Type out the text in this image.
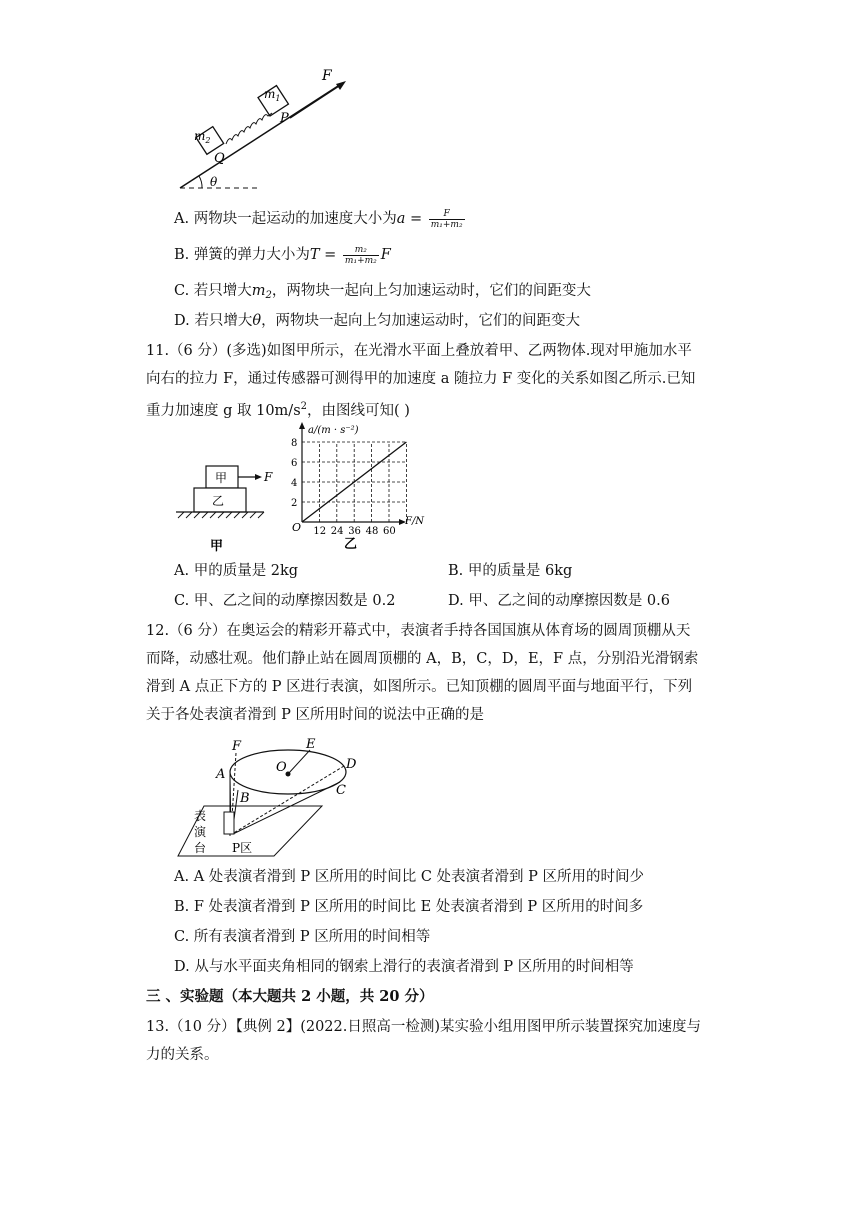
F
$m_1$
$m_2$
P
Q
θ
A. 两物块一起运动的加速度大小为$a = \frac{F}{\text{m₁+m₂}}$
B. 弹簧的弹力大小为$T = \frac{\text{m₂}}{\text{m₁+m₂}}$ F
C. 若只增大$m_2$，两物块一起向上匀加速运动时，它们的间距变大
D. 若只增大θ，两物块一起向上匀加速运动时，它们的间距变大
11.（6 分）(多选)如图甲所示，在光滑水平面上叠放着甲、乙两物体.现对甲施加水平
向右的拉力 F，通过传感器可测得甲的加速度 a 随拉力 F 变化的关系如图乙所示.已知
重力加速度 g 取 $10m/s^2$，由图线可知( )
甲
乙
F
甲
a/(m · s⁻²)
F/N
O
2
4
6
8
12 24 36 48 60
乙
A. 甲的质量是 2kg	B. 甲的质量是 6kg
C. 甲、乙之间的动摩擦因数是 0.2	D. 甲、乙之间的动摩擦因数是 0.6
12.（6 分）在奥运会的精彩开幕式中，表演者手持各国国旗从体育场的圆周顶棚从天
而降，动感壮观。他们静止站在圆周顶棚的 A，B，C，D，E，F 点，分别沿光滑钢索
滑到 A 点正下方的 P 区进行表演，如图所示。已知顶棚的圆周平面与地面平行，下列
关于各处表演者滑到 P 区所用时间的说法中正确的是
F	E
O
A
D
C
B
表
演
台 P区
A. A 处表演者滑到 P 区所用的时间比 C 处表演者滑到 P 区所用的时间少
B. F 处表演者滑到 P 区所用的时间比 E 处表演者滑到 P 区所用的时间多
C. 所有表演者滑到 P 区所用的时间相等
D. 从与水平面夹角相同的钢索上滑行的表演者滑到 P 区所用的时间相等
三 、实验题（本大题共 2 小题，共 20 分）
13.（10 分）【典例 2】(2022.日照高一检测)某实验小组用图甲所示装置探究加速度与
力的关系。
